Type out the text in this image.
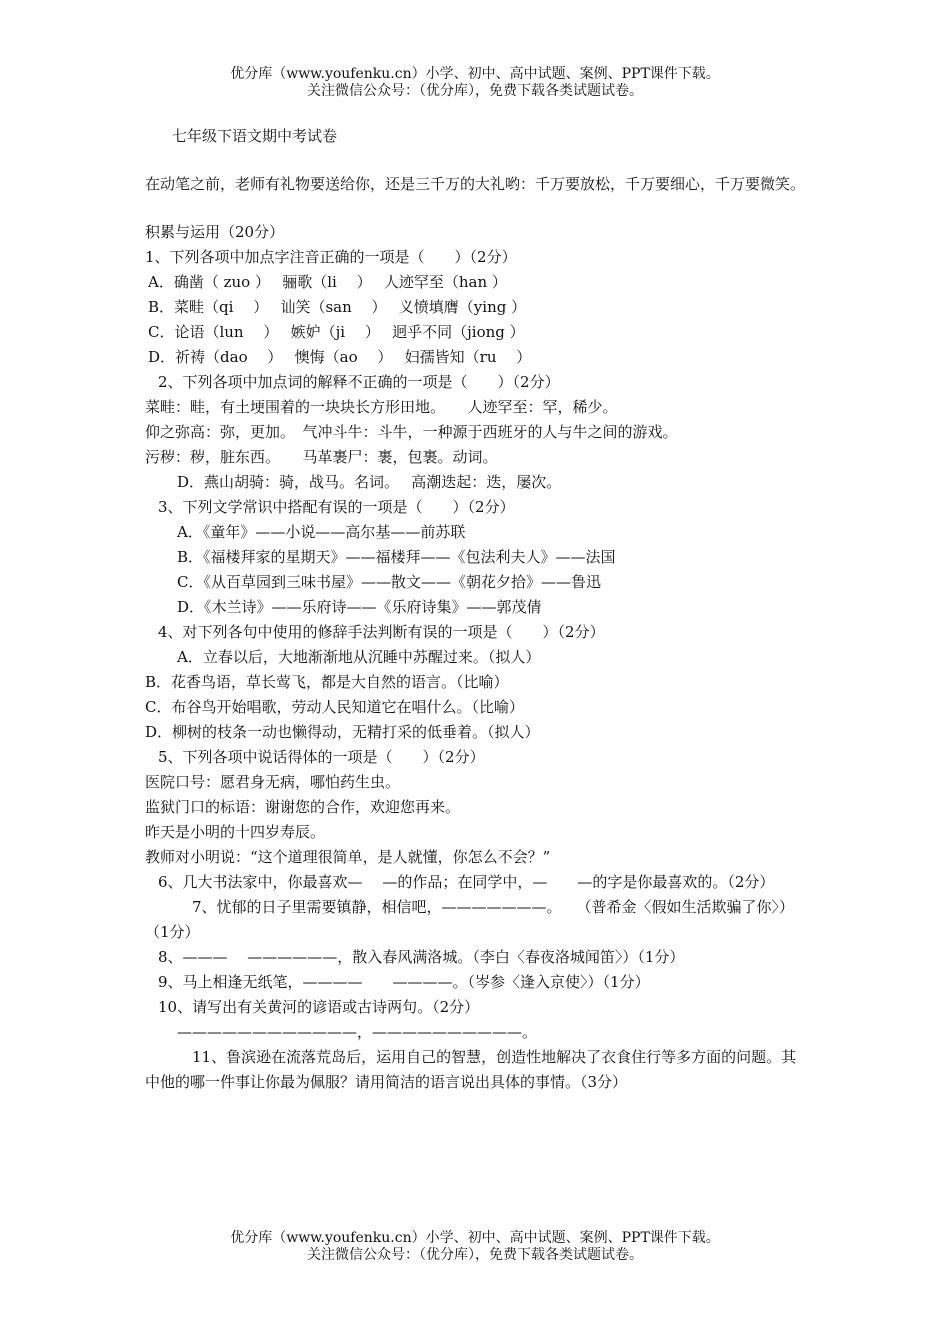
优分库（www.youfenku.cn）小学、初中、高中试题、案例、PPT课件下载。
关注微信公众号：（优分库），免费下载各类试题试卷。
七年级下语文期中考试卷
在动笔之前，老师有礼物要送给你，还是三千万的大礼哟：千万要放松，千万要细心，千万要微笑。
积累与运用（20分）
1、下列各项中加点字注音正确的一项是（　　）（2分）
A．确凿（ zuo ）　 骊歌（li　 ）　 人迹罕至（han ）
B．菜畦（qi　 ）　 讪笑（san　 ）　 义愤填膺（ying ）
C．论语（lun　 ）　 嫉妒（ji　 ）　 迥乎不同（jiong ）
D．祈祷（dao　 ）　 懊悔（ao　 ）　 妇孺皆知（ru　 ）
2、下列各项中加点词的解释不正确的一项是（　　）（2分）
菜畦：畦，有土埂围着的一块块长方形田地。　　人迹罕至：罕，稀少。
仰之弥高：弥，更加。　气冲斗牛：斗牛，一种源于西班牙的人与牛之间的游戏。
污秽：秽，脏东西。　　马革裹尸：裹，包裹。动词。
D．燕山胡骑：骑，战马。名词。　 高潮迭起：迭，屡次。
3、下列文学常识中搭配有误的一项是（　　）（2分）
A．《童年》——小说——高尔基——前苏联
B．《福楼拜家的星期天》——福楼拜——《包法利夫人》——法国
C．《从百草园到三味书屋》——散文——《朝花夕拾》——鲁迅
D．《木兰诗》——乐府诗——《乐府诗集》——郭茂倩
4、对下列各句中使用的修辞手法判断有误的一项是（　　）（2分）
A．立春以后，大地渐渐地从沉睡中苏醒过来。（拟人）
B．花香鸟语，草长莺飞，都是大自然的语言。（比喻）
C．布谷鸟开始唱歌，劳动人民知道它在唱什么。（比喻）
D．柳树的枝条一动也懒得动，无精打采的低垂着。（拟人）
5、下列各项中说话得体的一项是（　　）（2分）
医院口号：愿君身无病，哪怕药生虫。
监狱门口的标语：谢谢您的合作，欢迎您再来。
昨天是小明的十四岁寿辰。
教师对小明说：“这个道理很简单，是人就懂，你怎么不会？”
6、几大书法家中，你最喜欢—　 —的作品；在同学中，—　　—的字是你最喜欢的。（2分）
7、忧郁的日子里需要镇静，相信吧，———————。　　（普希金〈假如生活欺骗了你〉）　 （1分）
8、———　 ——————，散入春风满洛城。（李白〈春夜洛城闻笛〉）（1分）
9、马上相逢无纸笔，————　　————。（岑参〈逢入京使〉）（1分）
10、请写出有关黄河的谚语或古诗两句。（2分）
————————————，——————————。
11、鲁滨逊在流落荒岛后，运用自己的智慧，创造性地解决了衣食住行等多方面的问题。其中他的哪一件事让你最为佩服？请用简洁的语言说出具体的事情。（3分）
优分库（www.youfenku.cn）小学、初中、高中试题、案例、PPT课件下载。
关注微信公众号：（优分库），免费下载各类试题试卷。
